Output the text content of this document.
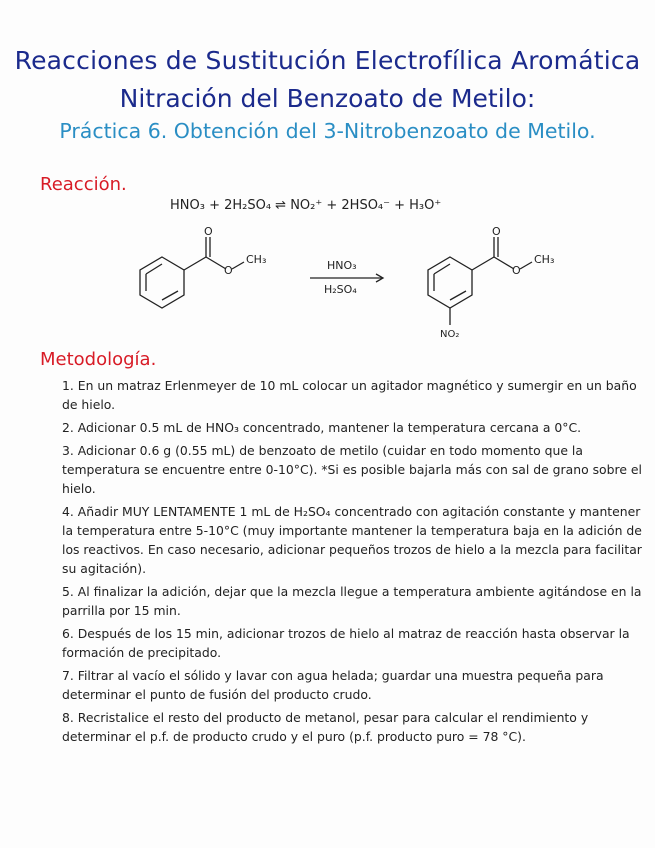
Reacciones de Sustitución Electrofílica Aromática
Nitración del Benzoato de Metilo:
Práctica 6. Obtención del 3-Nitrobenzoato de Metilo.
Reacción.
HNO₃ + 2H₂SO₄ ⇌ NO₂⁺ + 2HSO₄⁻ + H₃O⁺
O
O
CH₃	HNO₃
H₂SO₄
O
O
CH₃
NO₂
Metodología.
1. En un matraz Erlenmeyer de 10 mL colocar un agitador magnético y sumergir en un baño de hielo.
2. Adicionar 0.5 mL de HNO₃ concentrado, mantener la temperatura cercana a 0°C.
3. Adicionar 0.6 g (0.55 mL) de benzoato de metilo (cuidar en todo momento que la temperatura se encuentre entre 0-10°C). *Si es posible bajarla más con sal de grano sobre el hielo.
4. Añadir MUY LENTAMENTE 1 mL de H₂SO₄ concentrado con agitación constante y mantener la temperatura entre 5-10°C (muy importante mantener la temperatura baja en la adición de los reactivos. En caso necesario, adicionar pequeños trozos de hielo a la mezcla para facilitar su agitación).
5. Al finalizar la adición, dejar que la mezcla llegue a temperatura ambiente agitándose en la parrilla por 15 min.
6. Después de los 15 min, adicionar trozos de hielo al matraz de reacción hasta observar la formación de precipitado.
7. Filtrar al vacío el sólido y lavar con agua helada; guardar una muestra pequeña para determinar el punto de fusión del producto crudo.
8. Recristalice el resto del producto de metanol, pesar para calcular el rendimiento y determinar el p.f. de producto crudo y el puro (p.f. producto puro = 78 °C).
